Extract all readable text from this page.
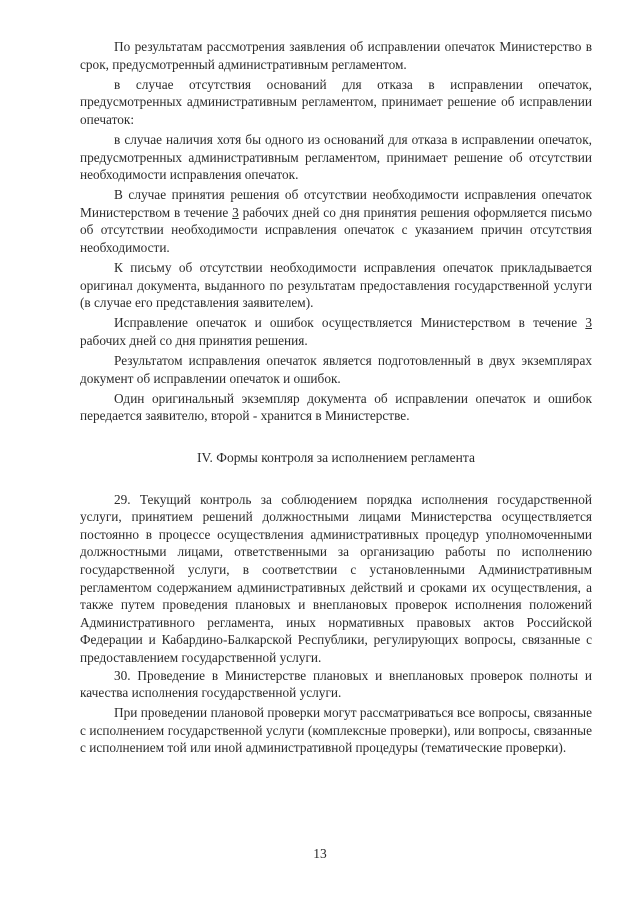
По результатам рассмотрения заявления об исправлении опечаток Министерство в срок, предусмотренный административным регламентом.

в случае отсутствия оснований для отказа в исправлении опечаток, предусмотренных административным регламентом, принимает решение об исправлении опечаток:

в случае наличия хотя бы одного из оснований для отказа в исправлении опечаток, предусмотренных административным регламентом, принимает решение об отсутствии необходимости исправления опечаток.

В случае принятия решения об отсутствии необходимости исправления опечаток Министерством в течение 3 рабочих дней со дня принятия решения оформляется письмо об отсутствии необходимости исправления опечаток с указанием причин отсутствия необходимости.

К письму об отсутствии необходимости исправления опечаток прикладывается оригинал документа, выданного по результатам предоставления государственной услуги (в случае его представления заявителем).

Исправление опечаток и ошибок осуществляется Министерством в течение 3 рабочих дней со дня принятия решения.

Результатом исправления опечаток является подготовленный в двух экземплярах документ об исправлении опечаток и ошибок.

Один оригинальный экземпляр документа об исправлении опечаток и ошибок передается заявителю, второй - хранится в Министерстве.

IV. Формы контроля за исполнением регламента

29. Текущий контроль за соблюдением порядка исполнения государственной услуги, принятием решений должностными лицами Министерства осуществляется постоянно в процессе осуществления административных процедур уполномоченными должностными лицами, ответственными за организацию работы по исполнению государственной услуги, в соответствии с установленными Административным регламентом содержанием административных действий и сроками их осуществления, а также путем проведения плановых и внеплановых проверок исполнения положений Административного регламента, иных нормативных правовых актов Российской Федерации и Кабардино-Балкарской Республики, регулирующих вопросы, связанные с предоставлением государственной услуги.

30. Проведение в Министерстве плановых и внеплановых проверок полноты и качества исполнения государственной услуги.

При проведении плановой проверки могут рассматриваться все вопросы, связанные с исполнением государственной услуги (комплексные проверки), или вопросы, связанные с исполнением той или иной административной процедуры (тематические проверки).

13
